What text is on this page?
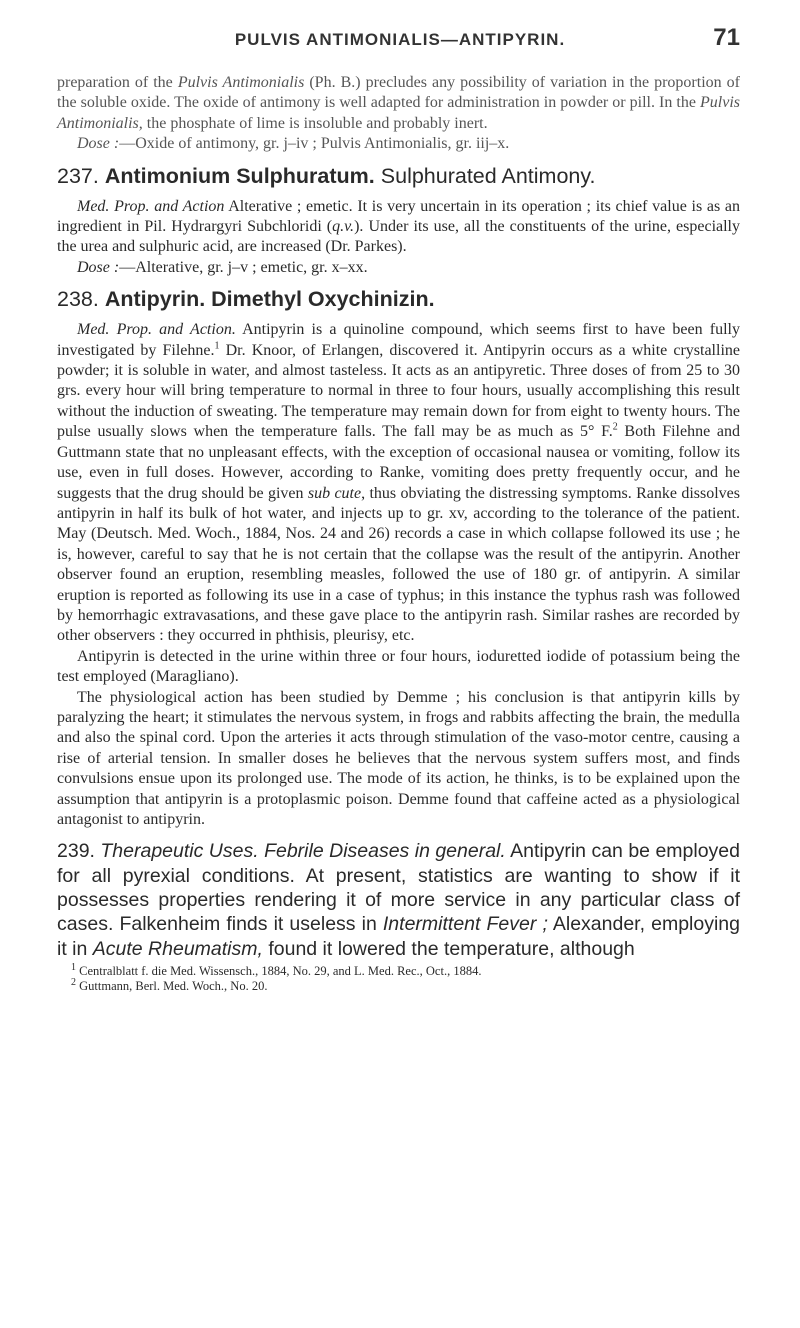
PULVIS ANTIMONIALIS—ANTIPYRIN.	71

preparation of the Pulvis Antimonialis (Ph. B.) precludes any possibility of variation in the proportion of the soluble oxide. The oxide of antimony is well adapted for administration in powder or pill. In the Pulvis Antimonialis, the phosphate of lime is insoluble and probably inert.

Dose :—Oxide of antimony, gr. j–iv ; Pulvis Antimonialis, gr. iij–x.

237. Antimonium Sulphuratum. Sulphurated Antimony.

Med. Prop. and Action Alterative ; emetic. It is very uncertain in its operation ; its chief value is as an ingredient in Pil. Hydrargyri Subchloridi (q.v.). Under its use, all the constituents of the urine, especially the urea and sulphuric acid, are increased (Dr. Parkes).

Dose :—Alterative, gr. j–v ; emetic, gr. x–xx.

238. Antipyrin. Dimethyl Oxychinizin.

Med. Prop. and Action. Antipyrin is a quinoline compound, which seems first to have been fully investigated by Filehne.$^1$ Dr. Knoor, of Erlangen, discovered it. Antipyrin occurs as a white crystalline powder; it is soluble in water, and almost tasteless. It acts as an antipyretic. Three doses of from 25 to 30 grs. every hour will bring temperature to normal in three to four hours, usually accomplishing this result without the induction of sweating. The temperature may remain down for from eight to twenty hours. The pulse usually slows when the temperature falls. The fall may be as much as 5° F.$^2$ Both Filehne and Guttmann state that no unpleasant effects, with the exception of occasional nausea or vomiting, follow its use, even in full doses. However, according to Ranke, vomiting does pretty frequently occur, and he suggests that the drug should be given sub cute, thus obviating the distressing symptoms. Ranke dissolves antipyrin in half its bulk of hot water, and injects up to gr. xv, according to the tolerance of the patient. May (Deutsch. Med. Woch., 1884, Nos. 24 and 26) records a case in which collapse followed its use ; he is, however, careful to say that he is not certain that the collapse was the result of the antipyrin. Another observer found an eruption, resembling measles, followed the use of 180 gr. of antipyrin. A similar eruption is reported as following its use in a case of typhus; in this instance the typhus rash was followed by hemorrhagic extravasations, and these gave place to the antipyrin rash. Similar rashes are recorded by other observers : they occurred in phthisis, pleurisy, etc.

Antipyrin is detected in the urine within three or four hours, ioduretted iodide of potassium being the test employed (Maragliano).

The physiological action has been studied by Demme ; his conclusion is that antipyrin kills by paralyzing the heart; it stimulates the nervous system, in frogs and rabbits affecting the brain, the medulla and also the spinal cord. Upon the arteries it acts through stimulation of the vaso-motor centre, causing a rise of arterial tension. In smaller doses he believes that the nervous system suffers most, and finds convulsions ensue upon its prolonged use. The mode of its action, he thinks, is to be explained upon the assumption that antipyrin is a protoplasmic poison. Demme found that caffeine acted as a physiological antagonist to antipyrin.

239. Therapeutic Uses. Febrile Diseases in general. Antipyrin can be employed for all pyrexial conditions. At present, statistics are wanting to show if it possesses properties rendering it of more service in any particular class of cases. Falkenheim finds it useless in Intermittent Fever ; Alexander, employing it in Acute Rheumatism, found it lowered the temperature, although

$^1$ Centralblatt f. die Med. Wissensch., 1884, No. 29, and L. Med. Rec., Oct., 1884.

$^2$ Guttmann, Berl. Med. Woch., No. 20.
